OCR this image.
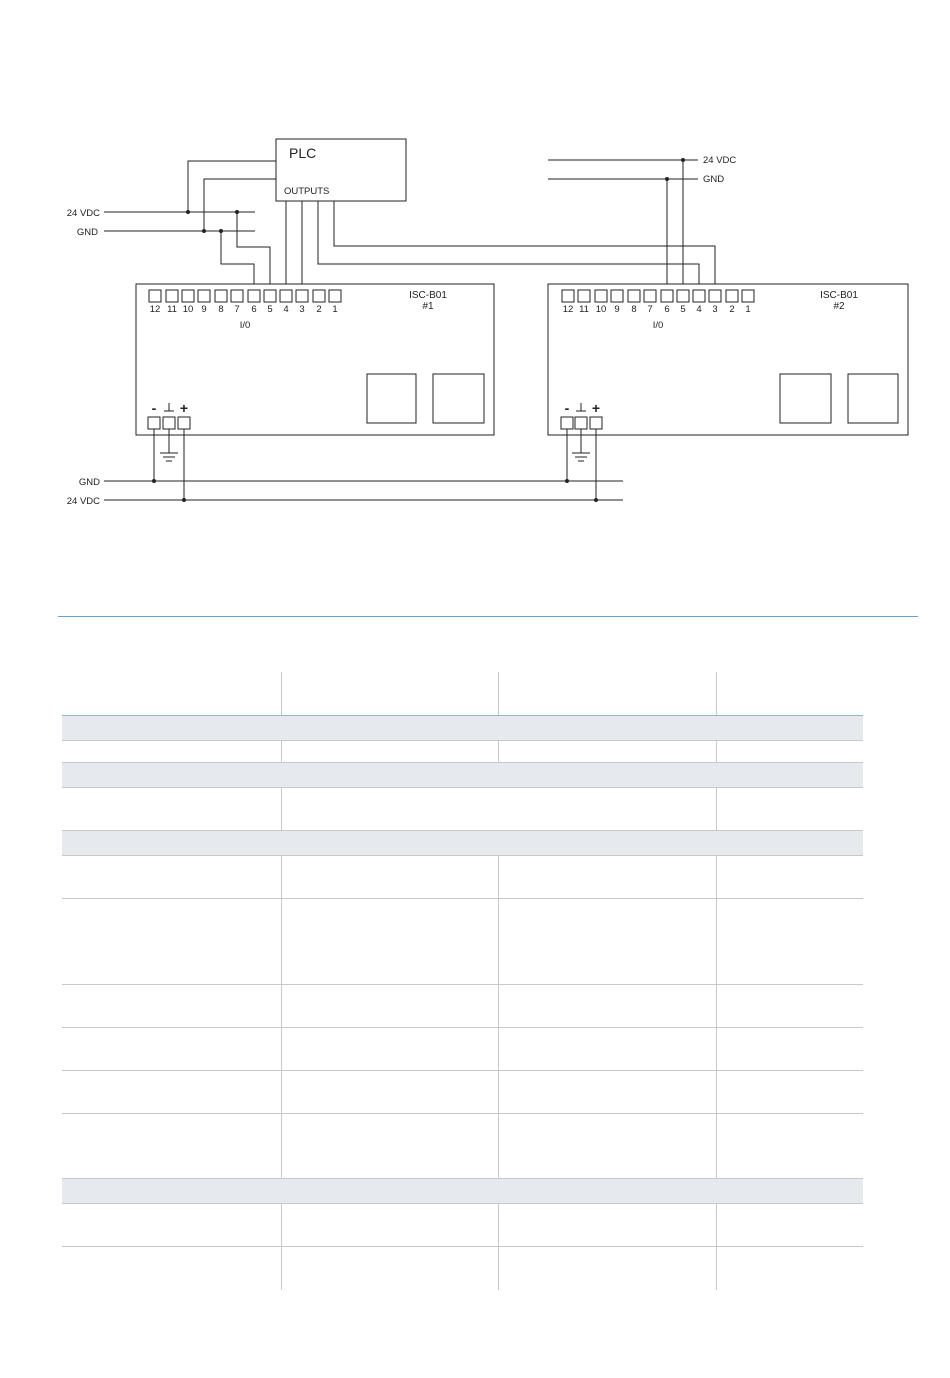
PLC
OUTPUTS
24 VDC
GND
24 VDC
GND
12 11 10 9 8 7 6 5 4 3 2 1
I/0
ISC-B01
#1
- +
12 11 10 9 8 7 6 5 4 3 2 1
I/0
ISC-B01
#2
- +
GND
24 VDC
